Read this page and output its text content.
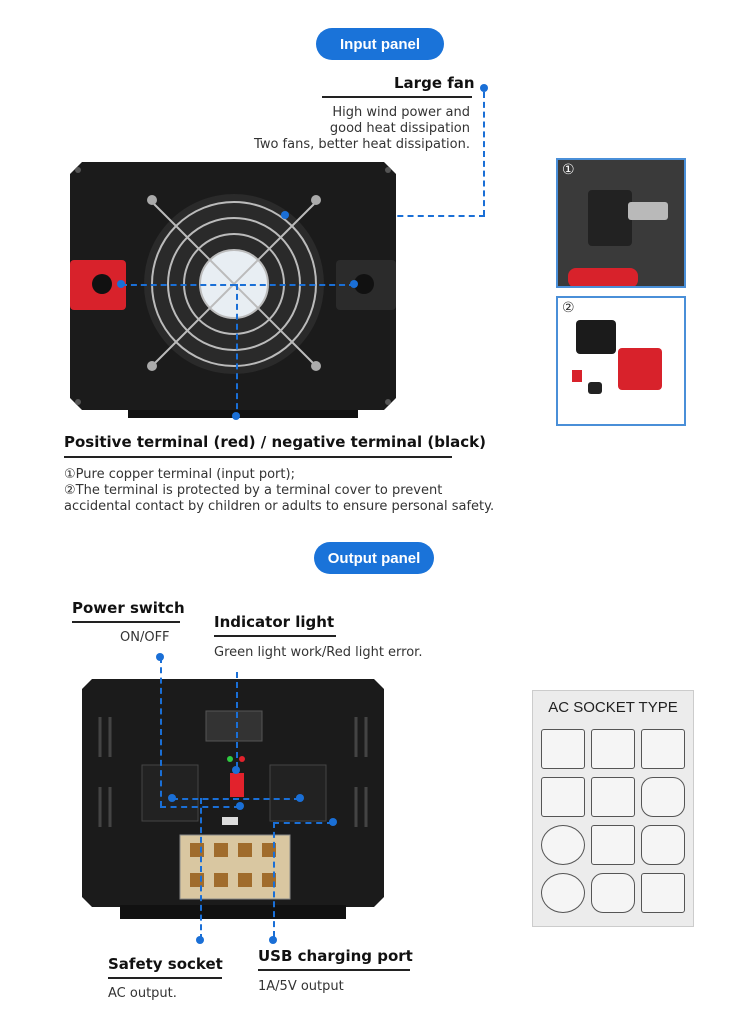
Input panel
Large fan
High wind power and
good heat dissipation
Two fans, better heat dissipation.
①
②
Positive terminal (red) / negative terminal (black)
①Pure copper terminal (input port);
②The terminal is protected by a terminal cover to prevent
accidental contact by children or adults to ensure personal safety.
Output panel
Power switch
ON/OFF
Indicator light
Green light work/Red light error.
Safety socket
AC output.
USB charging port
1A/5V output
AC SOCKET TYPE
